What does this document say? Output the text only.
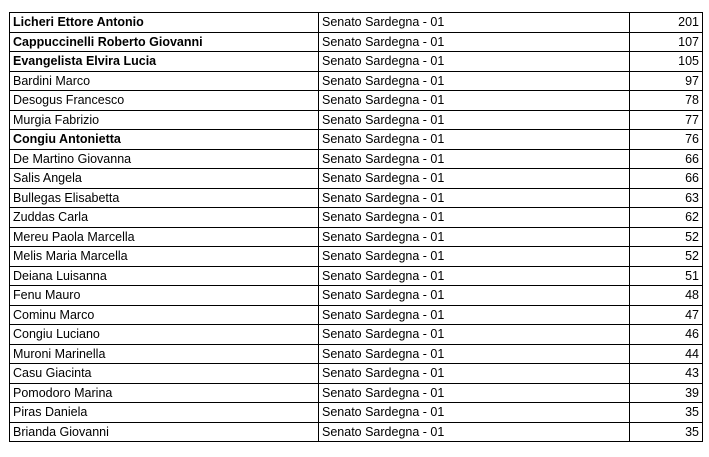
Licheri Ettore Antonio	Senato Sardegna - 01	201
Cappuccinelli Roberto Giovanni	Senato Sardegna - 01	107
Evangelista Elvira Lucia	Senato Sardegna - 01	105
Bardini Marco	Senato Sardegna - 01	97
Desogus Francesco	Senato Sardegna - 01	78
Murgia Fabrizio	Senato Sardegna - 01	77
Congiu Antonietta	Senato Sardegna - 01	76
De Martino Giovanna	Senato Sardegna - 01	66
Salis Angela	Senato Sardegna - 01	66
Bullegas Elisabetta	Senato Sardegna - 01	63
Zuddas Carla	Senato Sardegna - 01	62
Mereu Paola Marcella	Senato Sardegna - 01	52
Melis Maria Marcella	Senato Sardegna - 01	52
Deiana Luisanna	Senato Sardegna - 01	51
Fenu Mauro	Senato Sardegna - 01	48
Cominu Marco	Senato Sardegna - 01	47
Congiu Luciano	Senato Sardegna - 01	46
Muroni Marinella	Senato Sardegna - 01	44
Casu Giacinta	Senato Sardegna - 01	43
Pomodoro Marina	Senato Sardegna - 01	39
Piras Daniela	Senato Sardegna - 01	35
Brianda Giovanni	Senato Sardegna - 01	35
